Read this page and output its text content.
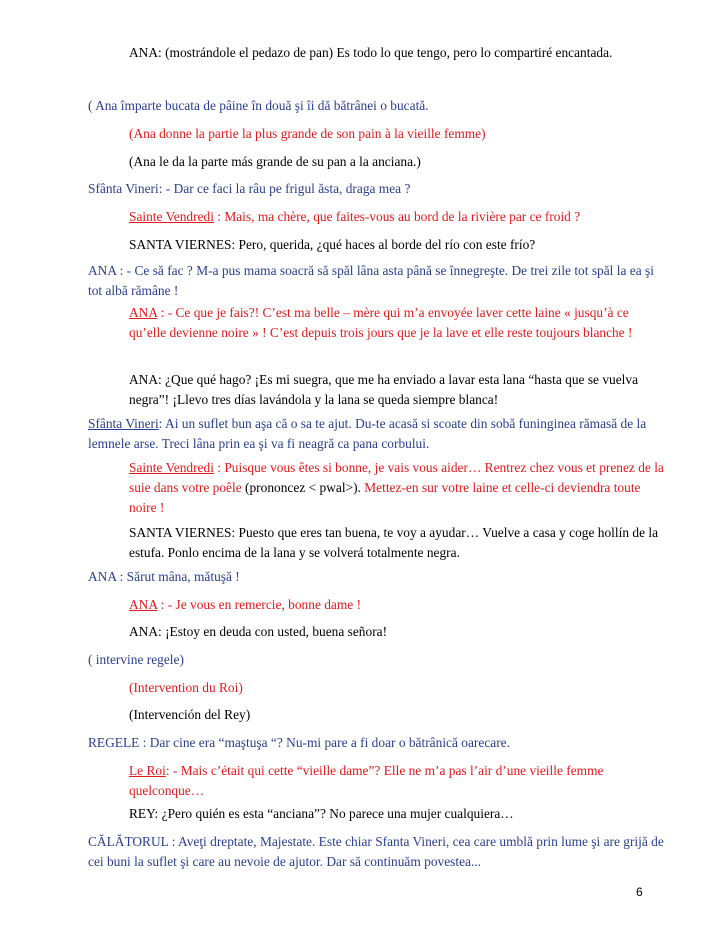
ANA: (mostrándole el pedazo de pan) Es todo lo que tengo, pero lo compartiré encantada.

( Ana împarte bucata de pâine în două şi îi dă bătrânei o bucată.

(Ana donne la partie la plus grande de son pain à la vieille femme)

(Ana le da la parte más grande de su pan a la anciana.)

Sfânta Vineri: - Dar ce faci la râu pe frigul ăsta, draga mea ?

Sainte Vendredi : Mais, ma chère, que faites-vous au bord de la rivière par ce froid ?

SANTA VIERNES: Pero, querida, ¿qué haces al borde del río con este frío?

ANA : - Ce să fac ? M-a pus mama soacră să spăl lâna asta până se înnegreşte. De trei zile tot spăl la ea şi tot albă rămâne !

ANA : - Ce que je fais?! C’est ma belle – mère qui m’a envoyée laver cette laine « jusqu’à ce qu’elle devienne noire » ! C’est depuis trois jours que je la lave et elle reste toujours blanche !

ANA: ¿Que qué hago? ¡Es mi suegra, que me ha enviado a lavar esta lana “hasta que se vuelva negra”! ¡Llevo tres días lavándola y la lana se queda siempre blanca!

Sfânta Vineri: Ai un suflet bun aşa că o sa te ajut. Du-te acasă si scoate din sobă funinginea rămasă de la lemnele arse. Treci lâna prin ea şi va fi neagră ca pana corbului.

Sainte Vendredi : Puisque vous êtes si bonne, je vais vous aider… Rentrez chez vous et prenez de la suie dans votre poêle (prononcez < pwal>). Mettez-en sur votre laine et celle-ci deviendra toute noire !

SANTA VIERNES: Puesto que eres tan buena, te voy a ayudar… Vuelve a casa y coge hollín de la estufa. Ponlo encima de la lana y se volverá totalmente negra.

ANA : Sărut mâna, mătuşă !

ANA : - Je vous en remercie, bonne dame !

ANA: ¡Estoy en deuda con usted, buena señora!

( intervine regele)

(Intervention du Roi)

(Intervención del Rey)

REGELE : Dar cine era “maştuşa “? Nu-mi pare a fi doar o bătrânică oarecare.

Le Roi: - Mais c’était qui cette “vieille dame”? Elle ne m’a pas l’air d’une vieille femme quelconque…

REY: ¿Pero quién es esta “anciana”? No parece una mujer cualquiera…

CĂLĂTORUL : Aveţi dreptate, Majestate. Este chiar Sfanta Vineri, cea care umblă prin lume şi are grijă de cei buni la suflet şi care au nevoie de ajutor. Dar să continuăm povestea...

6
